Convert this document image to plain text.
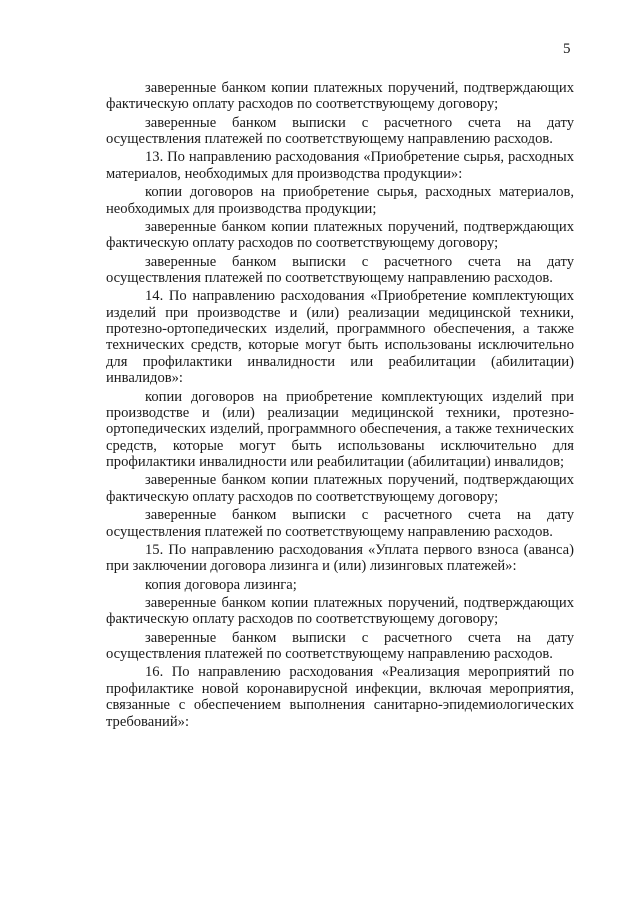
5

заверенные банком копии платежных поручений, подтверждающих фактическую оплату расходов по соответствующему договору;

заверенные банком выписки с расчетного счета на дату осуществления платежей по соответствующему направлению расходов.

13. По направлению расходования «Приобретение сырья, расходных материалов, необходимых для производства продукции»:

копии договоров на приобретение сырья, расходных материалов, необходимых для производства продукции;

заверенные банком копии платежных поручений, подтверждающих фактическую оплату расходов по соответствующему договору;

заверенные банком выписки с расчетного счета на дату осуществления платежей по соответствующему направлению расходов.

14. По направлению расходования «Приобретение комплектующих изделий при производстве и (или) реализации медицинской техники, протезно-ортопедических изделий, программного обеспечения, а также технических средств, которые могут быть использованы исключительно для профилактики инвалидности или реабилитации (абилитации) инвалидов»:

копии договоров на приобретение комплектующих изделий при производстве и (или) реализации медицинской техники, протезно-ортопедических изделий, программного обеспечения, а также технических средств, которые могут быть использованы исключительно для профилактики инвалидности или реабилитации (абилитации) инвалидов;

заверенные банком копии платежных поручений, подтверждающих фактическую оплату расходов по соответствующему договору;

заверенные банком выписки с расчетного счета на дату осуществления платежей по соответствующему направлению расходов.

15. По направлению расходования «Уплата первого взноса (аванса) при заключении договора лизинга и (или) лизинговых платежей»:

копия договора лизинга;

заверенные банком копии платежных поручений, подтверждающих фактическую оплату расходов по соответствующему договору;

заверенные банком выписки с расчетного счета на дату осуществления платежей по соответствующему направлению расходов.

16. По направлению расходования «Реализация мероприятий по профилактике новой коронавирусной инфекции, включая мероприятия, связанные с обеспечением выполнения санитарно-эпидемиологических требований»:
